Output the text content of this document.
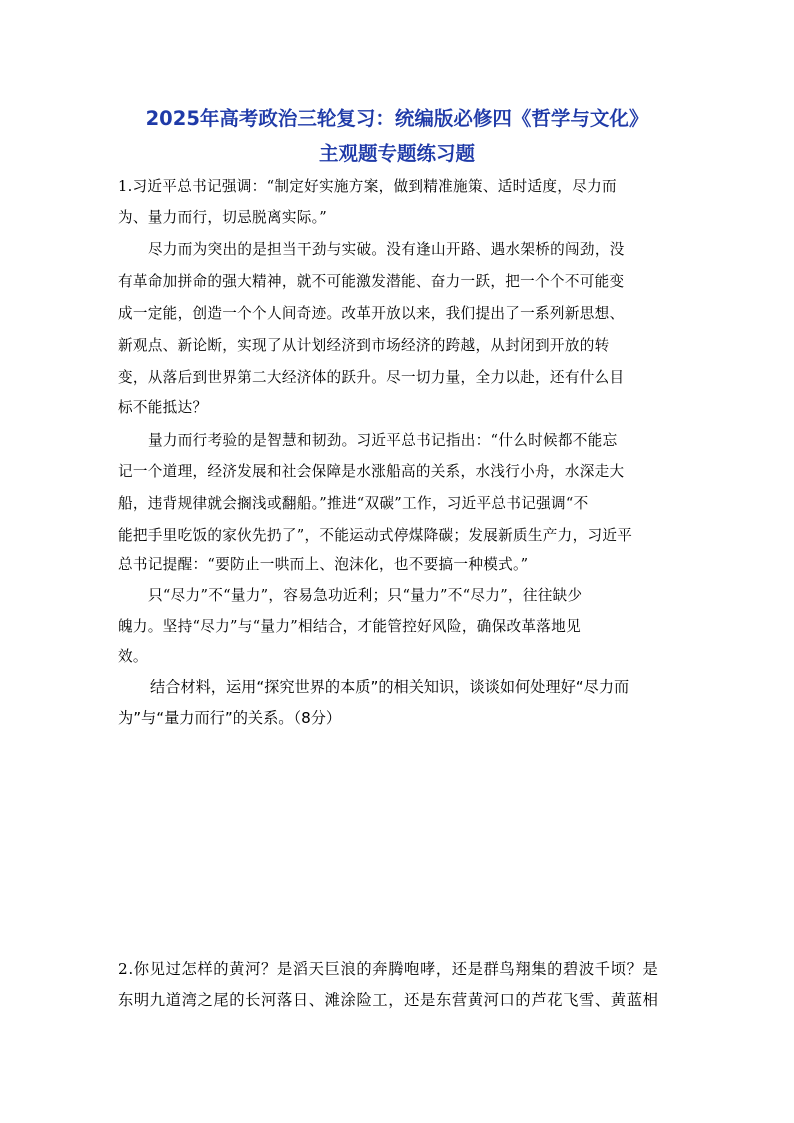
2025年高考政治三轮复习：统编版必修四《哲学与文化》
主观题专题练习题
1.习近平总书记强调：“制定好实施方案，做到精准施策、适时适度，尽力而
为、量力而行，切忌脱离实际。”
尽力而为突出的是担当干劲与实破。没有逢山开路、遇水架桥的闯劲，没
有革命加拼命的强大精神，就不可能激发潜能、奋力一跃，把一个个不可能变
成一定能，创造一个个人间奇迹。改革开放以来，我们提出了一系列新思想、
新观点、新论断，实现了从计划经济到市场经济的跨越，从封闭到开放的转
变，从落后到世界第二大经济体的跃升。尽一切力量，全力以赴，还有什么目
标不能抵达？
量力而行考验的是智慧和韧劲。习近平总书记指出：“什么时候都不能忘
记一个道理，经济发展和社会保障是水涨船高的关系，水浅行小舟，水深走大
船，违背规律就会搁浅或翻船。”推进“双碳”工作，习近平总书记强调“不
能把手里吃饭的家伙先扔了”，不能运动式停煤降碳；发展新质生产力，习近平
总书记提醒：“要防止一哄而上、泡沫化，也不要搞一种模式。”
只“尽力”不“量力”，容易急功近利；只“量力”不“尽力”，往往缺少
魄力。坚持“尽力”与“量力”相结合，才能管控好风险，确保改革落地见
效。
结合材料，运用“探究世界的本质”的相关知识，谈谈如何处理好“尽力而
为”与“量力而行”的关系。（8分）
2.你见过怎样的黄河？是滔天巨浪的奔腾咆哮，还是群鸟翔集的碧波千顷？是
东明九道湾之尾的长河落日、滩涂险工，还是东营黄河口的芦花飞雪、黄蓝相
